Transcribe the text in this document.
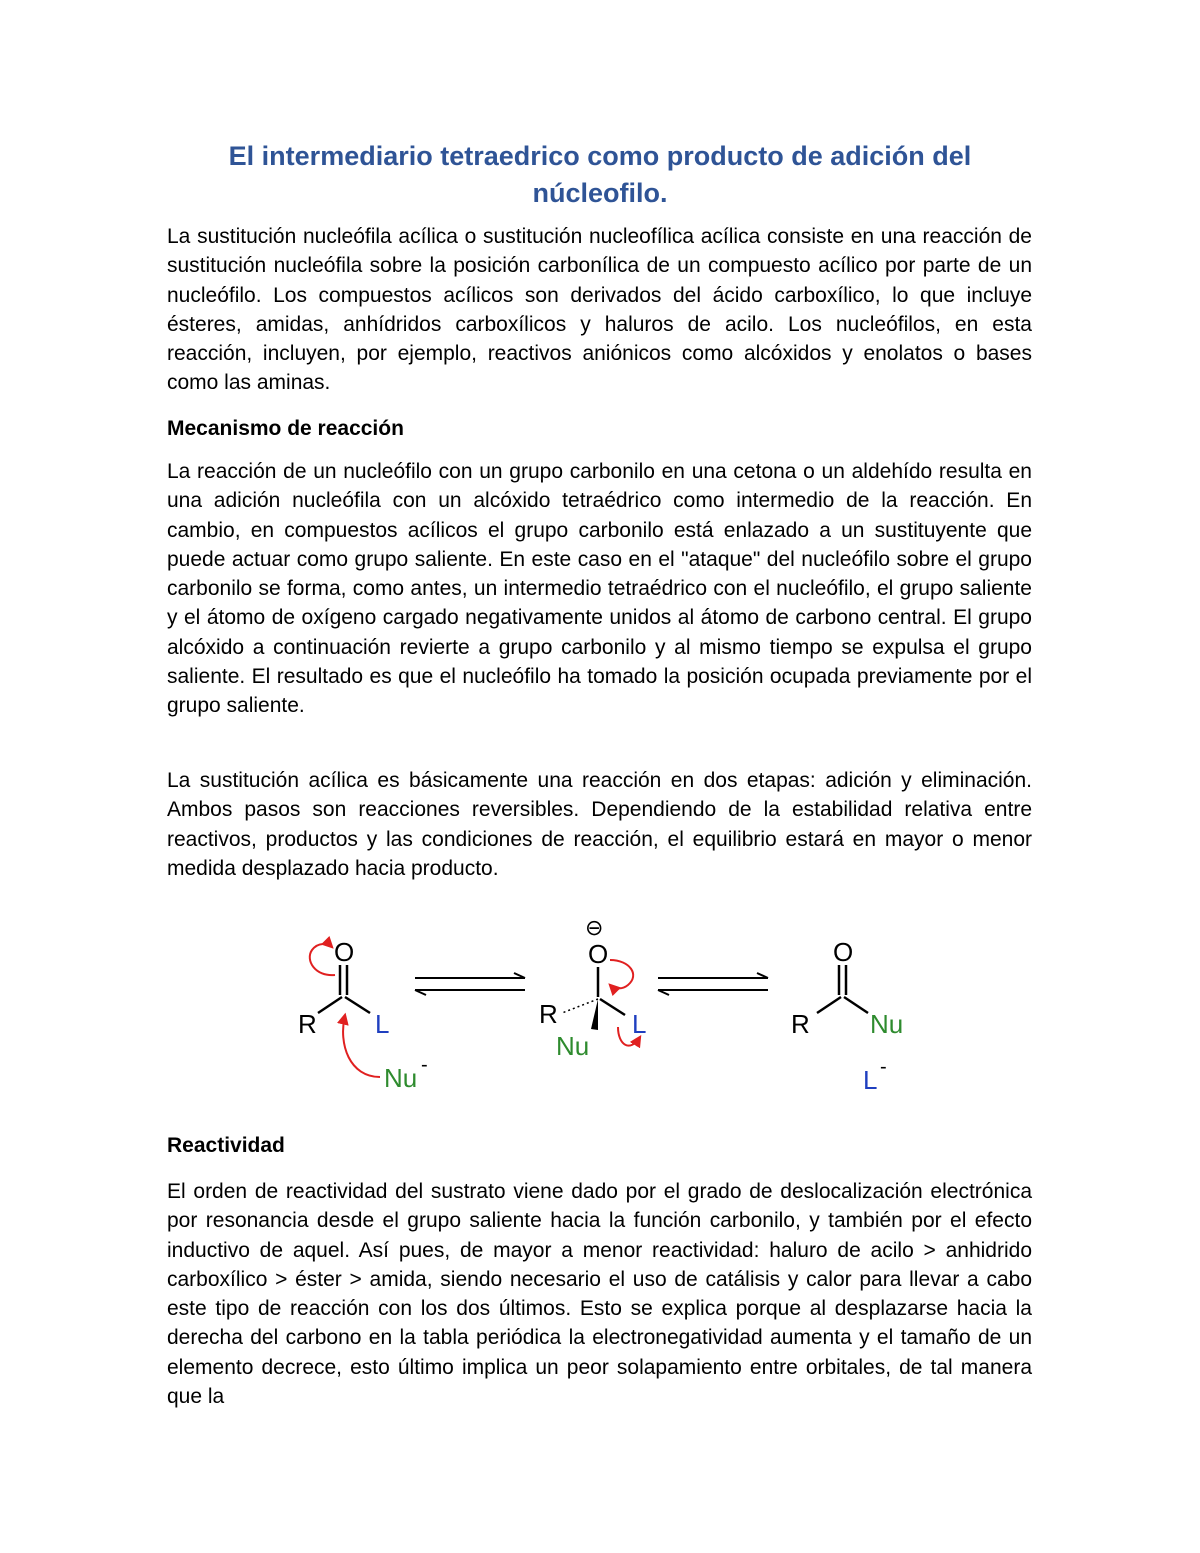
El intermediario tetraedrico como producto de adición del núcleofilo.
La sustitución nucleófila acílica o sustitución nucleofílica acílica consiste en una reacción de sustitución nucleófila sobre la posición carbonílica de un compuesto acílico por parte de un nucleófilo. Los compuestos acílicos son derivados del ácido carboxílico, lo que incluye ésteres, amidas, anhídridos carboxílicos y haluros de acilo. Los nucleófilos, en esta reacción, incluyen, por ejemplo, reactivos aniónicos como alcóxidos y enolatos o bases como las aminas.
Mecanismo de reacción
La reacción de un nucleófilo con un grupo carbonilo en una cetona o un aldehído resulta en una adición nucleófila con un alcóxido tetraédrico como intermedio de la reacción. En cambio, en compuestos acílicos el grupo carbonilo está enlazado a un sustituyente que puede actuar como grupo saliente. En este caso en el "ataque" del nucleófilo sobre el grupo carbonilo se forma, como antes, un intermedio tetraédrico con el nucleófilo, el grupo saliente y el átomo de oxígeno cargado negativamente unidos al átomo de carbono central. El grupo alcóxido a continuación revierte a grupo carbonilo y al mismo tiempo se expulsa el grupo saliente. El resultado es que el nucleófilo ha tomado la posición ocupada previamente por el grupo saliente.
La sustitución acílica es básicamente una reacción en dos etapas: adición y eliminación. Ambos pasos son reacciones reversibles. Dependiendo de la estabilidad relativa entre reactivos, productos y las condiciones de reacción, el equilibrio estará en mayor o menor medida desplazado hacia producto.
O
R L
Nu -
⊖
O
R	L
Nu
O
R Nu
L -
Reactividad
El orden de reactividad del sustrato viene dado por el grado de deslocalización electrónica por resonancia desde el grupo saliente hacia la función carbonilo, y también por el efecto inductivo de aquel. Así pues, de mayor a menor reactividad: haluro de acilo > anhidrido carboxílico > éster > amida, siendo necesario el uso de catálisis y calor para llevar a cabo este tipo de reacción con los dos últimos. Esto se explica porque al desplazarse hacia la derecha del carbono en la tabla periódica la electronegatividad aumenta y el tamaño de un elemento decrece, esto último implica un peor solapamiento entre orbitales, de tal manera que la
